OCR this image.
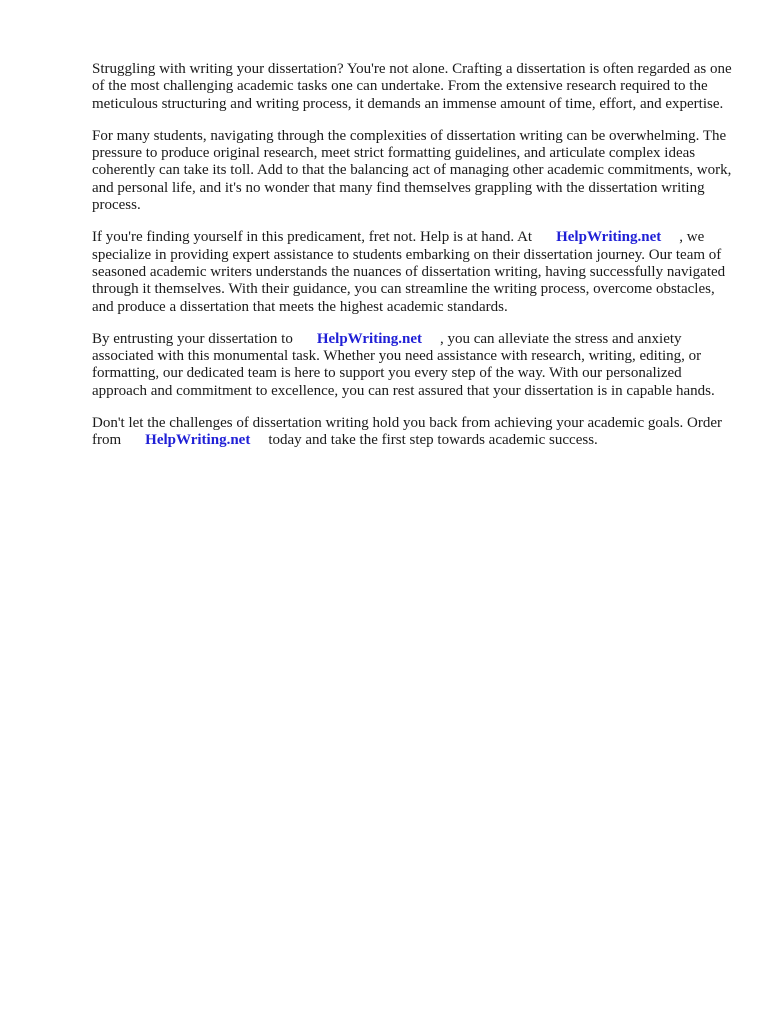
Struggling with writing your dissertation? You're not alone. Crafting a dissertation is often regarded as one of the most challenging academic tasks one can undertake. From the extensive research required to the meticulous structuring and writing process, it demands an immense amount of time, effort, and expertise.

For many students, navigating through the complexities of dissertation writing can be overwhelming. The pressure to produce original research, meet strict formatting guidelines, and articulate complex ideas coherently can take its toll. Add to that the balancing act of managing other academic commitments, work, and personal life, and it's no wonder that many find themselves grappling with the dissertation writing process.

If you're finding yourself in this predicament, fret not. Help is at hand. At HelpWriting.net , we specialize in providing expert assistance to students embarking on their dissertation journey. Our team of seasoned academic writers understands the nuances of dissertation writing, having successfully navigated through it themselves. With their guidance, you can streamline the writing process, overcome obstacles, and produce a dissertation that meets the highest academic standards.

By entrusting your dissertation to HelpWriting.net , you can alleviate the stress and anxiety associated with this monumental task. Whether you need assistance with research, writing, editing, or formatting, our dedicated team is here to support you every step of the way. With our personalized approach and commitment to excellence, you can rest assured that your dissertation is in capable hands.

Don't let the challenges of dissertation writing hold you back from achieving your academic goals. Order from HelpWriting.net today and take the first step towards academic success.
